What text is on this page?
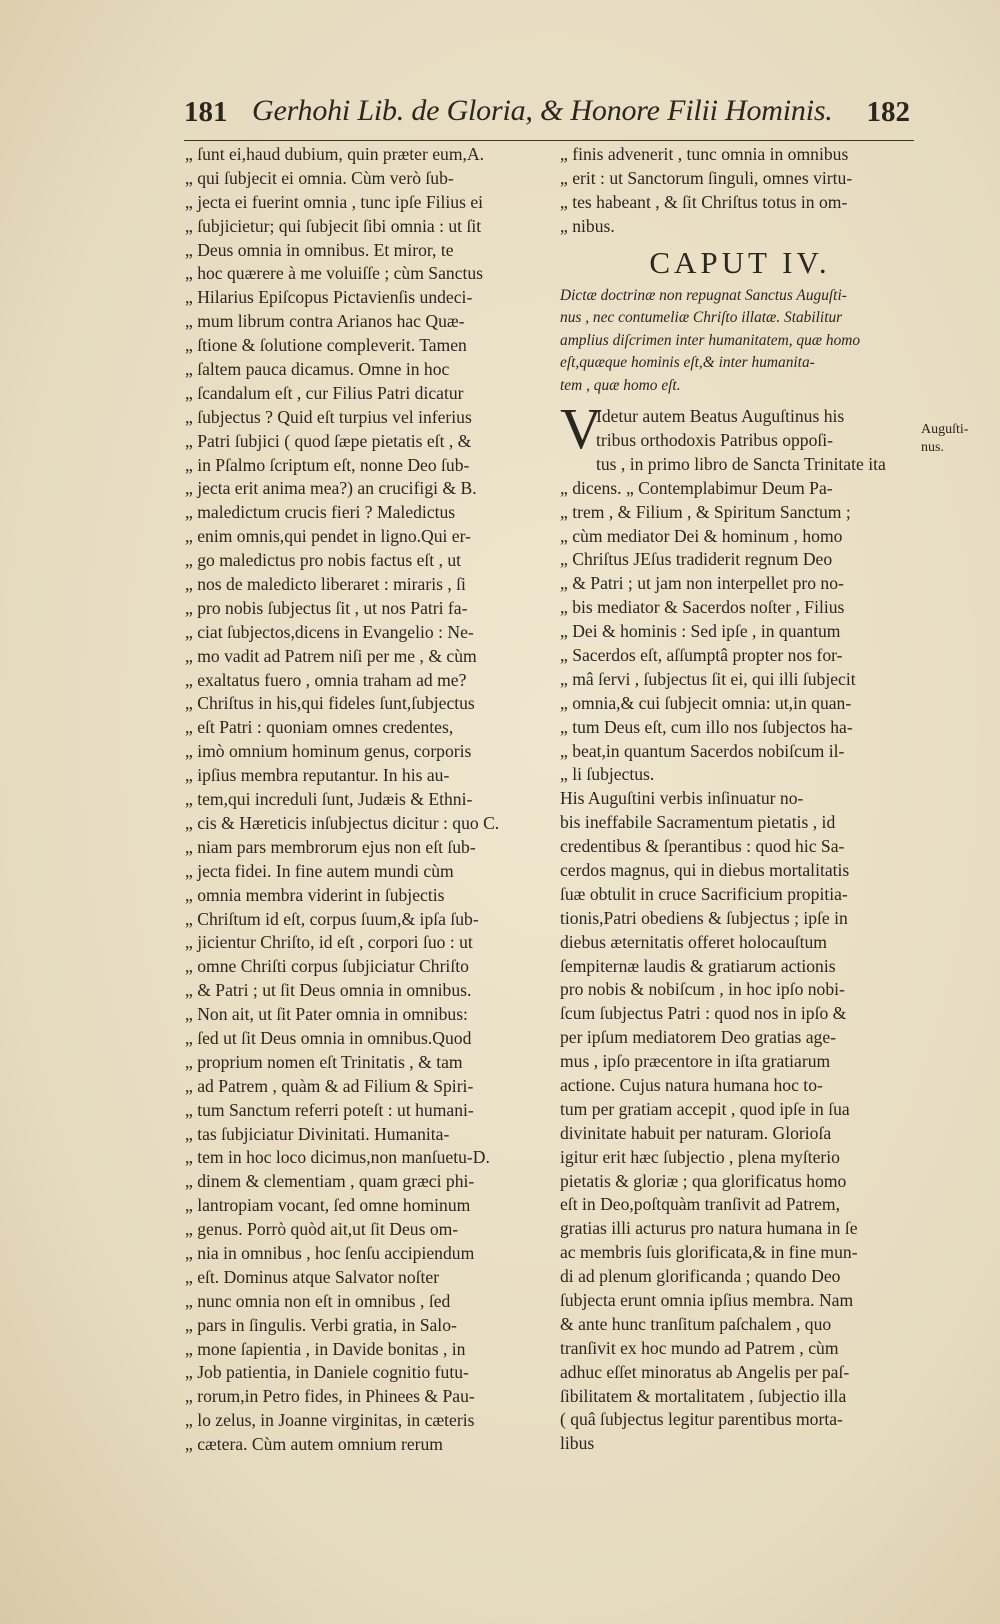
181 Gerhohi Lib. de Gloria, & Honore Filii Hominis. 182
„ ſunt ei,haud dubium, quin præter eum,A.
„ qui ſubjecit ei omnia. Cùm verò ſub-
„ jecta ei fuerint omnia , tunc ipſe Filius ei
„ ſubjicietur; qui ſubjecit ſibi omnia : ut ſit
„ Deus omnia in omnibus. Et miror, te
„ hoc quærere à me voluiſſe ; cùm Sanctus
„ Hilarius Epiſcopus Pictavienſis undeci-
„ mum librum contra Arianos hac Quæ-
„ ſtione & ſolutione compleverit. Tamen
„ ſaltem pauca dicamus. Omne in hoc
„ ſcandalum eſt , cur Filius Patri dicatur
„ ſubjectus ? Quid eſt turpius vel inferius
„ Patri ſubjici ( quod ſæpe pietatis eſt , &
„ in Pſalmo ſcriptum eſt, nonne Deo ſub-
„ jecta erit anima mea?) an crucifigi & B.
„ maledictum crucis fieri ? Maledictus
„ enim omnis,qui pendet in ligno.Qui er-
„ go maledictus pro nobis factus eſt , ut
„ nos de maledicto liberaret : miraris , ſi
„ pro nobis ſubjectus ſit , ut nos Patri fa-
„ ciat ſubjectos,dicens in Evangelio : Ne-
„ mo vadit ad Patrem niſi per me , & cùm
„ exaltatus fuero , omnia traham ad me?
„ Chriſtus in his,qui fideles ſunt,ſubjectus
„ eſt Patri : quoniam omnes credentes,
„ imò omnium hominum genus, corporis
„ ipſius membra reputantur. In his au-
„ tem,qui increduli ſunt, Judæis & Ethni-
„ cis & Hæreticis inſubjectus dicitur : quo C.
„ niam pars membrorum ejus non eſt ſub-
„ jecta fidei. In fine autem mundi cùm
„ omnia membra viderint in ſubjectis
„ Chriſtum id eſt, corpus ſuum,& ipſa ſub-
„ jicientur Chriſto, id eſt , corpori ſuo : ut
„ omne Chriſti corpus ſubjiciatur Chriſto
„ & Patri ; ut ſit Deus omnia in omnibus.
„ Non ait, ut ſit Pater omnia in omnibus:
„ ſed ut ſit Deus omnia in omnibus.Quod
„ proprium nomen eſt Trinitatis , & tam
„ ad Patrem , quàm & ad Filium & Spiri-
„ tum Sanctum referri poteſt : ut humani-
„ tas ſubjiciatur Divinitati. Humanita-
„ tem in hoc loco dicimus,non manſuetu-D.
„ dinem & clementiam , quam græci phi-
„ lantropiam vocant, ſed omne hominum
„ genus. Porrò quòd ait,ut ſit Deus om-
„ nia in omnibus , hoc ſenſu accipiendum
„ eſt. Dominus atque Salvator noſter
„ nunc omnia non eſt in omnibus , ſed
„ pars in ſingulis. Verbi gratia, in Salo-
„ mone ſapientia , in Davide bonitas , in
„ Job patientia, in Daniele cognitio futu-
„ rorum,in Petro fides, in Phinees & Pau-
„ lo zelus, in Joanne virginitas, in cæteris
„ cætera. Cùm autem omnium rerum
„ finis advenerit , tunc omnia in omnibus
„ erit : ut Sanctorum ſinguli, omnes virtu-
„ tes habeant , & ſit Chriſtus totus in om-
„ nibus.
CAPUT IV.
Dictæ doctrinæ non repugnat Sanctus Auguſti-
nus , nec contumeliæ Chriſto illatæ. Stabilitur
amplius diſcrimen inter humanitatem, quæ homo
eſt,quæque hominis eſt,& inter humanita-
tem , quæ homo eſt.
V
Idetur autem Beatus Auguſtinus his
tribus orthodoxis Patribus oppoſi-
tus , in primo libro de Sancta Trinitate ita
„ dicens. „ Contemplabimur Deum Pa-
„ trem , & Filium , & Spiritum Sanctum ;
„ cùm mediator Dei & hominum , homo
„ Chriſtus JEſus tradiderit regnum Deo
„ & Patri ; ut jam non interpellet pro no-
„ bis mediator & Sacerdos noſter , Filius
„ Dei & hominis : Sed ipſe , in quantum
„ Sacerdos eſt, aſſumptâ propter nos for-
„ mâ ſervi , ſubjectus ſit ei, qui illi ſubjecit
„ omnia,& cui ſubjecit omnia: ut,in quan-
„ tum Deus eſt, cum illo nos ſubjectos ha-
„ beat,in quantum Sacerdos nobiſcum il-
„ li ſubjectus.
His Auguſtini verbis inſinuatur no-
bis ineffabile Sacramentum pietatis , id
credentibus & ſperantibus : quod hic Sa-
cerdos magnus, qui in diebus mortalitatis
ſuæ obtulit in cruce Sacrificium propitia-
tionis,Patri obediens & ſubjectus ; ipſe in
diebus æternitatis offeret holocauſtum
ſempiternæ laudis & gratiarum actionis
pro nobis & nobiſcum , in hoc ipſo nobi-
ſcum ſubjectus Patri : quod nos in ipſo &
per ipſum mediatorem Deo gratias age-
mus , ipſo præcentore in iſta gratiarum
actione. Cujus natura humana hoc to-
tum per gratiam accepit , quod ipſe in ſua
divinitate habuit per naturam. Glorioſa
igitur erit hæc ſubjectio , plena myſterio
pietatis & gloriæ ; qua glorificatus homo
eſt in Deo,poſtquàm tranſivit ad Patrem,
gratias illi acturus pro natura humana in ſe
ac membris ſuis glorificata,& in fine mun-
di ad plenum glorificanda ; quando Deo
ſubjecta erunt omnia ipſius membra. Nam
& ante hunc tranſitum paſchalem , quo
tranſivit ex hoc mundo ad Patrem , cùm
adhuc eſſet minoratus ab Angelis per paſ-
ſibilitatem & mortalitatem , ſubjectio illa
( quâ ſubjectus legitur parentibus morta-
libus
Auguſti-
nus.
